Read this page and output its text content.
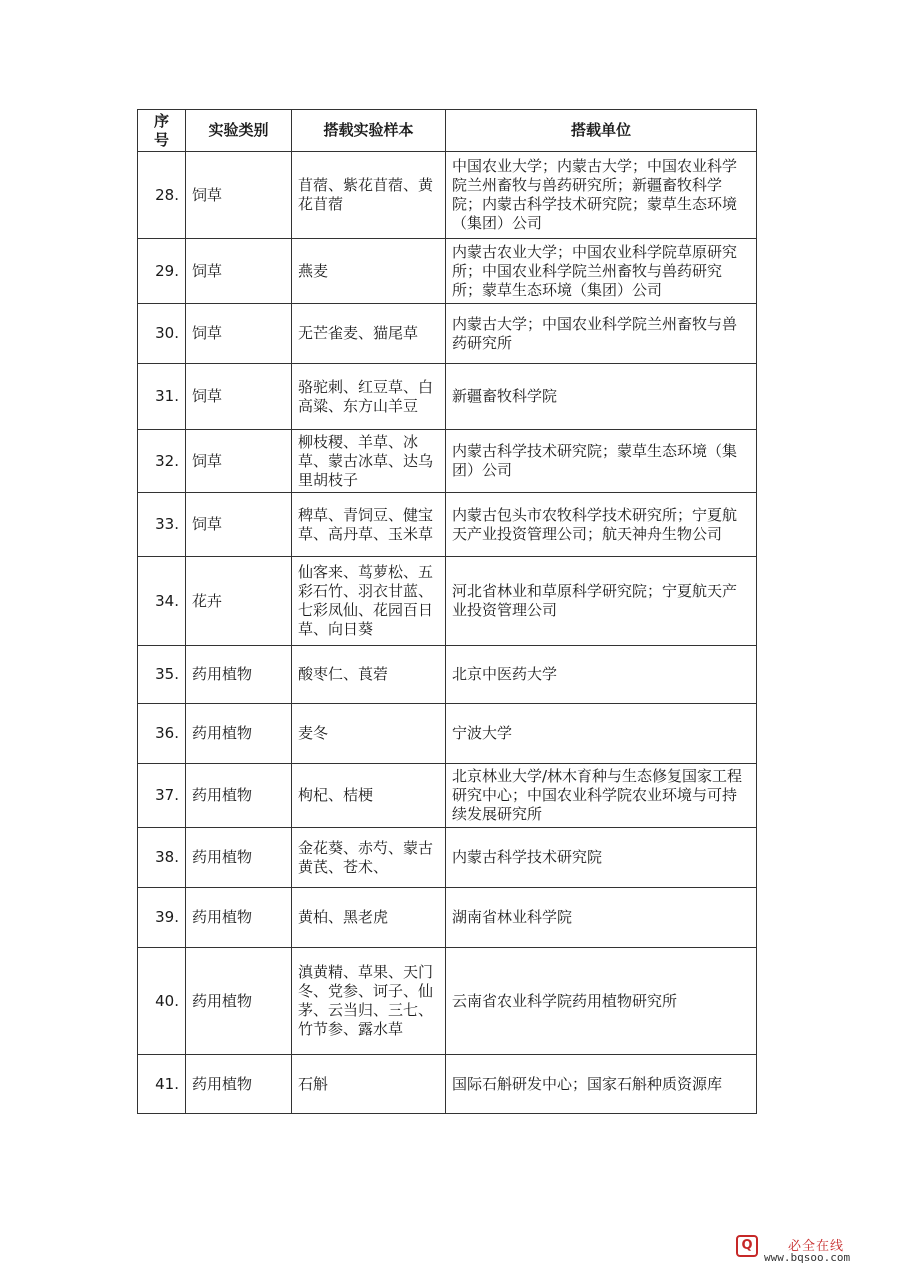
序
号	实验类别	搭载实验样本	搭载单位
28.	饲草	苜蓿、紫花苜蓿、黄花苜蓿	中国农业大学；内蒙古大学；中国农业科学院兰州畜牧与兽药研究所；新疆畜牧科学院；内蒙古科学技术研究院；蒙草生态环境（集团）公司
29.	饲草	燕麦	内蒙古农业大学；中国农业科学院草原研究所；中国农业科学院兰州畜牧与兽药研究所；蒙草生态环境（集团）公司
30.	饲草	无芒雀麦、猫尾草	内蒙古大学；中国农业科学院兰州畜牧与兽药研究所
31.	饲草	骆驼刺、红豆草、白高粱、东方山羊豆	新疆畜牧科学院
32.	饲草	柳枝稷、羊草、冰草、蒙古冰草、达乌里胡枝子	内蒙古科学技术研究院；蒙草生态环境（集团）公司
33.	饲草	稗草、青饲豆、健宝草、高丹草、玉米草	内蒙古包头市农牧科学技术研究所；宁夏航天产业投资管理公司；航天神舟生物公司
34.	花卉	仙客来、茑萝松、五彩石竹、羽衣甘蓝、七彩凤仙、花园百日草、向日葵	河北省林业和草原科学研究院；宁夏航天产业投资管理公司
35.	药用植物	酸枣仁、莨菪	北京中医药大学
36.	药用植物	麦冬	宁波大学
37.	药用植物	枸杞、桔梗	北京林业大学/林木育种与生态修复国家工程研究中心；中国农业科学院农业环境与可持续发展研究所
38.	药用植物	金花葵、赤芍、蒙古黄芪、苍术、	内蒙古科学技术研究院
39.	药用植物	黄柏、黑老虎	湖南省林业科学院
40.	药用植物	滇黄精、草果、天门冬、党参、诃子、仙茅、云当归、三七、竹节参、露水草	云南省农业科学院药用植物研究所
41.	药用植物	石斛	国际石斛研发中心；国家石斛种质资源库
Q	必全在线
www.bqsoo.com
